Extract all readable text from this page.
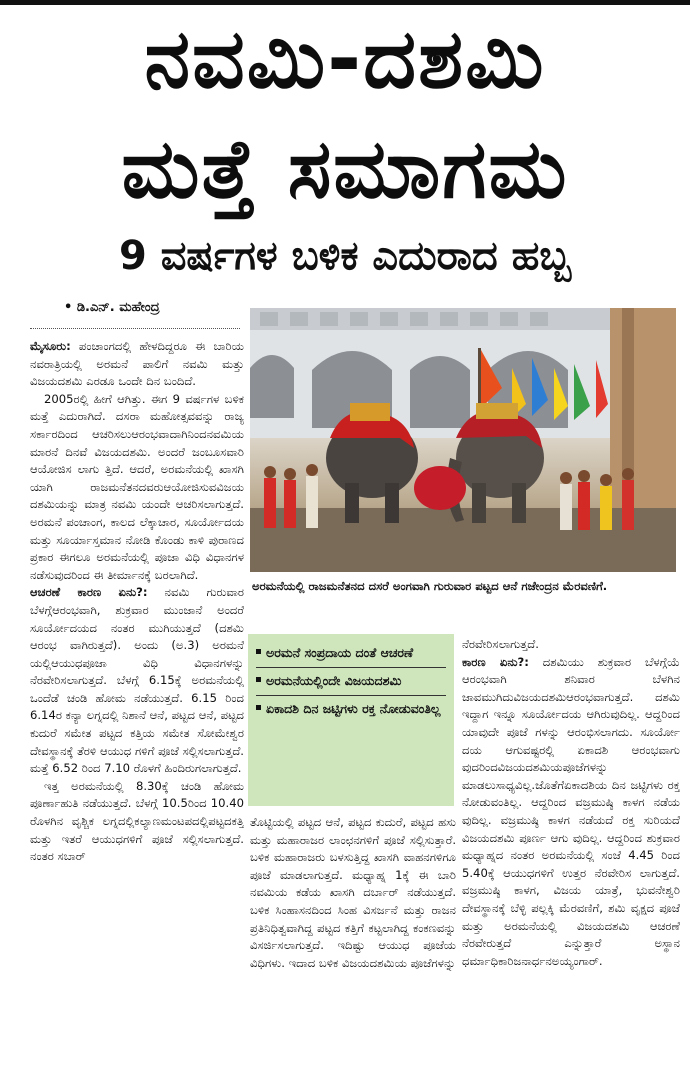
ನವಮಿ-ದಶಮಿ
ಮತ್ತೆ ಸಮಾಗಮ
9 ವರ್ಷಗಳ ಬಳಿಕ ಎದುರಾದ ಹಬ್ಬ
• ಡಿ.ಎನ್. ಮಹೇಂದ್ರ

ಮೈಸೂರು: ಪಂಚಾಂಗದಲ್ಲಿ ಹೇಳದಿದ್ದರೂ ಈ ಬಾರಿಯ ನವರಾತ್ರಿಯಲ್ಲಿ ಅರಮನೆ ಪಾಲಿಗೆ ನವಮಿ ಮತ್ತು ವಿಜಯದಶಮಿ ಎರಡೂ ಒಂದೇ ದಿನ ಬಂದಿದೆ.

2005ರಲ್ಲಿ ಹೀಗೆ ಆಗಿತ್ತು. ಈಗ 9 ವರ್ಷಗಳ ಬಳಿಕ ಮತ್ತೆ ಎದುರಾಗಿದೆ. ದಸರಾ ಮಹೋತ್ಸವವನ್ನು ರಾಜ್ಯ ಸರ್ಕಾರದಿಂದ ಆಚರಿಸಲುಆರಂಭವಾದಾಗಿನಿಂದನವಮಿಯ ಮಾರನೆ ದಿನವೆ ವಿಜಯದಶಮಿ. ಅಂದರೆ ಜಂಬೂಸವಾರಿ ಆಯೋಜಿಸ ಲಾಗು ತ್ತಿದೆ. ಆದರೆ, ಅರಮನೆಯಲ್ಲಿ ಖಾಸಗಿ ಯಾಗಿ ರಾಜಮನೆತನದವರುಆಯೋಜಿಸುವವಿಜಯ ದಶಮಿಯನ್ನು ಮಾತ್ರ ನವಮಿ ಯಂದೇ ಆಚರಿಸಲಾಗುತ್ತದೆ. ಅರಮನೆ ಪಂಚಾಂಗ, ಕಾಲದ ಲೆಕ್ಕಾಚಾರ, ಸೂರ್ಯೋದಯ ಮತ್ತು ಸೂರ್ಯಾಸ್ತಮಾನ ನೋಡಿ ಕೊಂಡು ಕಾಳಿ ಪುರಾಣದ ಪ್ರಕಾರ ಈಗಲೂ ಅರಮನೆಯಲ್ಲಿ ಪೂಜಾ ವಿಧಿ ವಿಧಾನಗಳ ನಡೆಸುವುದರಿಂದ ಈ ತೀರ್ಮಾನಕ್ಕೆ ಬರಲಾಗಿದೆ.

ಆಚರಣೆ ಕಾರಣ ಏನು?: ನವಮಿ ಗುರುವಾರ ಬೆಳಗ್ಗೆಆರಂಭವಾಗಿ, ಶುಕ್ರವಾರ ಮುಂಜಾನೆ ಅಂದರೆ ಸೂರ್ಯೋದಯದ ನಂತರ ಮುಗಿಯುತ್ತದೆ (ದಶಮಿ ಆರಂಭ ವಾಗಿರುತ್ತದೆ). ಅಂದು (ಅ.3) ಅರಮನೆ ಯಲ್ಲಿಆಯುಧಪೂಜಾ ವಿಧಿ ವಿಧಾನಗಳನ್ನು ನೆರವೇರಿಸಲಾಗುತ್ತದೆ. ಬೆಳಗ್ಗೆ 6.15ಕ್ಕೆ ಅರಮನೆಯಲ್ಲಿ ಒಂದೆಡೆ ಚಂಡಿ ಹೋಮ ನಡೆಯುತ್ತದೆ. 6.15 ರಿಂದ 6.14ರ ಕನ್ಯಾ ಲಗ್ನದಲ್ಲಿ ನಿಶಾನೆ ಆನೆ, ಪಟ್ಟದ ಆನೆ, ಪಟ್ಟದ ಕುದುರೆ ಸಮೇತ ಪಟ್ಟದ ಕತ್ತಿಯ ಸಮೇತ ಸೋಮೇಶ್ವರ ದೇವಸ್ಥಾನಕ್ಕೆ ತೆರಳಿ ಆಯುಧ ಗಳಿಗೆ ಪೂಜೆ ಸಲ್ಲಿಸಲಾಗುತ್ತದೆ. ಮತ್ತೆ 6.52 ರಿಂದ 7.10 ರೊಳಗೆ ಹಿಂದಿರುಗಲಾಗುತ್ತದೆ.

ಇತ್ತ ಅರಮನೆಯಲ್ಲಿ 8.30ಕ್ಕೆ ಚಂಡಿ ಹೋಮ ಪೂರ್ಣಾಹುತಿ ನಡೆಯುತ್ತದೆ. ಬೆಳಗ್ಗೆ 10.5ರಿಂದ 10.40 ರೊಳಗಿನ ವೃಶ್ಚಿಕ ಲಗ್ನದಲ್ಲಿಕಲ್ಯಾಣಮಂಟಪದಲ್ಲಿಪಟ್ಟದಕತ್ತಿ ಮತ್ತು ಇತರೆ ಆಯುಧಗಳಿಗೆ ಪೂಜೆ ಸಲ್ಲಿಸಲಾಗುತ್ತದೆ. ನಂತರ ಸಬಾರ್

ಅರಮನೆಯಲ್ಲಿ ರಾಜಮನೆತನದ ದಸರೆ ಅಂಗವಾಗಿ ಗುರುವಾರ ಪಟ್ಟದ ಆನೆ ಗಜೇಂದ್ರನ ಮೆರವಣಿಗೆ.
ಅರಮನೆ ಸಂಪ್ರದಾಯ ದಂತೆ ಆಚರಣೆ
ಅರಮನೆಯಲ್ಲಿಂದೇ ವಿಜಯದಶಮಿ
ಏಕಾದಶಿ ದಿನ ಜಟ್ಟಿಗಳು ರಕ್ತ ನೋಡುವಂತಿಲ್ಲ

ತೊಟ್ಟಿಯಲ್ಲಿ ಪಟ್ಟದ ಆನೆ, ಪಟ್ಟದ ಕುದುರೆ, ಪಟ್ಟದ ಹಸು ಮತ್ತು ಮಹಾರಾಜರ ಲಾಂಛನಗಳಿಗೆ ಪೂಜೆ ಸಲ್ಲಿಸುತ್ತಾರೆ. ಬಳಿಕ ಮಹಾರಾಜರು ಬಳಸುತ್ತಿದ್ದ ಖಾಸಗಿ ವಾಹನಗಳಿಗೂ ಪೂಜೆ ಮಾಡಲಾಗುತ್ತದೆ. ಮಧ್ಯಾಹ್ನ 1ಕ್ಕೆ ಈ ಬಾರಿ ನವಮಿಯ ಕಡೆಯ ಖಾಸಗಿ ದರ್ಬಾರ್ ನಡೆಯುತ್ತದೆ. ಬಳಿಕ ಸಿಂಹಾಸನದಿಂದ ಸಿಂಹ ವಿಸರ್ಜನೆ ಮತ್ತು ರಾಜನ ಪ್ರತಿನಿಧಿತ್ವವಾಗಿದ್ದ ಪಟ್ಟದ ಕತ್ತಿಗೆ ಕಟ್ಟಲಾಗಿದ್ದ ಕಂಕಣವನ್ನು ವಿಸರ್ಜಿಸಲಾಗುತ್ತದೆ. ಇದಿಷ್ಟು ಆಯುಧ ಪೂಜೆಯ ವಿಧಿಗಳು. ಇದಾದ ಬಳಿಕ ವಿಜಯದಶಮಿಯ ಪೂಜೆಗಳನ್ನು

ನೆರವೇರಿಸಲಾಗುತ್ತದೆ.

ಕಾರಣ ಏನು?: ದಶಮಿಯು ಶುಕ್ರವಾರ ಬೆಳಗ್ಗೆಯೆ ಆರಂಭವಾಗಿ ಶನಿವಾರ ಬೆಳಗಿನ ಜಾವಮುಗಿದುವಿಜಯದಶಮಿಆರಂಭವಾಗುತ್ತದೆ. ದಶಮಿ ಇದ್ದಾಗ ಇನ್ನೂ ಸೂರ್ಯೋದಯ ಆಗಿರುವುದಿಲ್ಲ. ಆದ್ದರಿಂದ ಯಾವುದೇ ಪೂಜೆ ಗಳನ್ನು ಆರಂಭಿಸಲಾಗದು. ಸೂರ್ಯೋ ದಯ ಆಗುವಷ್ಟರಲ್ಲಿ ಏಕಾದಶಿ ಆರಂಭವಾಗು ವುದರಿಂದವಿಜಯದಶಮಿಯಪೂಜೆಗಳನ್ನು ಮಾಡಲುಸಾಧ್ಯವಿಲ್ಲ.ಜೊತೆಗೆಏಕಾದಶಿಯ ದಿನ ಜಟ್ಟಿಗಳು ರಕ್ತ ನೋಡುವಂತಿಲ್ಲ. ಆದ್ದರಿಂದ ವಜ್ರಮುಷ್ಠಿ ಕಾಳಗ ನಡೆಯ ವುದಿಲ್ಲ. ವಜ್ರಮುಷ್ಠಿ ಕಾಳಗ ನಡೆಯದೆ ರಕ್ತ ಸುರಿಯದೆ ವಿಜಯದಶಮಿ ಪೂರ್ಣ ಆಗು ವುದಿಲ್ಲ. ಆದ್ದರಿಂದ ಶುಕ್ರವಾರ ಮಧ್ಯಾಹ್ನದ ನಂತರ ಅರಮನೆಯಲ್ಲಿ ಸಂಜೆ 4.45 ರಿಂದ 5.40ಕ್ಕೆ ಆಯುಧಗಳಿಗೆ ಉತ್ತರ ನೆರವೇರಿಸ ಲಾಗುತ್ತದೆ. ವಜ್ರಮುಷ್ಠಿ ಕಾಳಗ, ವಿಜಯ ಯಾತ್ರೆ, ಭುವನೇಶ್ವರಿ ದೇವಸ್ಥಾನಕ್ಕೆ ಬೆಳ್ಳಿ ಪಲ್ಲಕ್ಕಿ ಮೆರವಣಿಗೆ, ಶಮಿ ವೃಕ್ಷದ ಪೂಜೆ ಮತ್ತು ಅರಮನೆಯಲ್ಲಿ ವಿಜಯದಶಮಿ ಆಚರಣೆ ನೆರವೇರುತ್ತದೆ ಎನ್ನುತ್ತಾರೆ ಅಸ್ಥಾನ ಧರ್ಮಾಧಿಕಾರಿಜನಾರ್ಧನಅಯ್ಯಂಗಾರ್.
